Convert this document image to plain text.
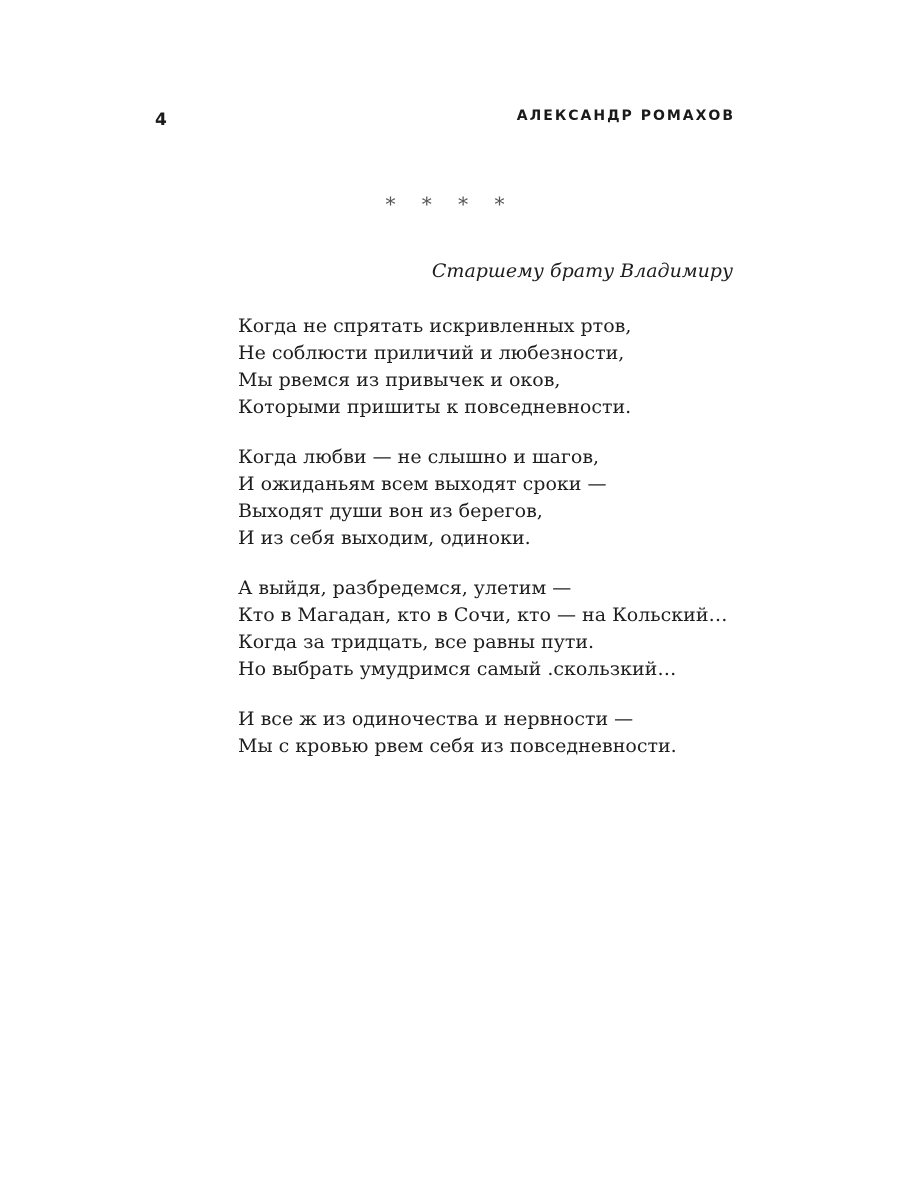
4	АЛЕКСАНДР РОМАХОВ
* * * *
Старшему брату Владимиру
Когда не спрятать искривленных ртов,
Не соблюсти приличий и любезности,
Мы рвемся из привычек и оков,
Которыми пришиты к повседневности.
Когда любви — не слышно и шагов,
И ожиданьям всем выходят сроки —
Выходят души вон из берегов,
И из себя выходим, одиноки.
А выйдя, разбредемся, улетим —
Кто в Магадан, кто в Сочи, кто — на Кольский…
Когда за тридцать, все равны пути.
Но выбрать умудримся самый .скользкий…
И все ж из одиночества и нервности —
Мы с кровью рвем себя из повседневности.
